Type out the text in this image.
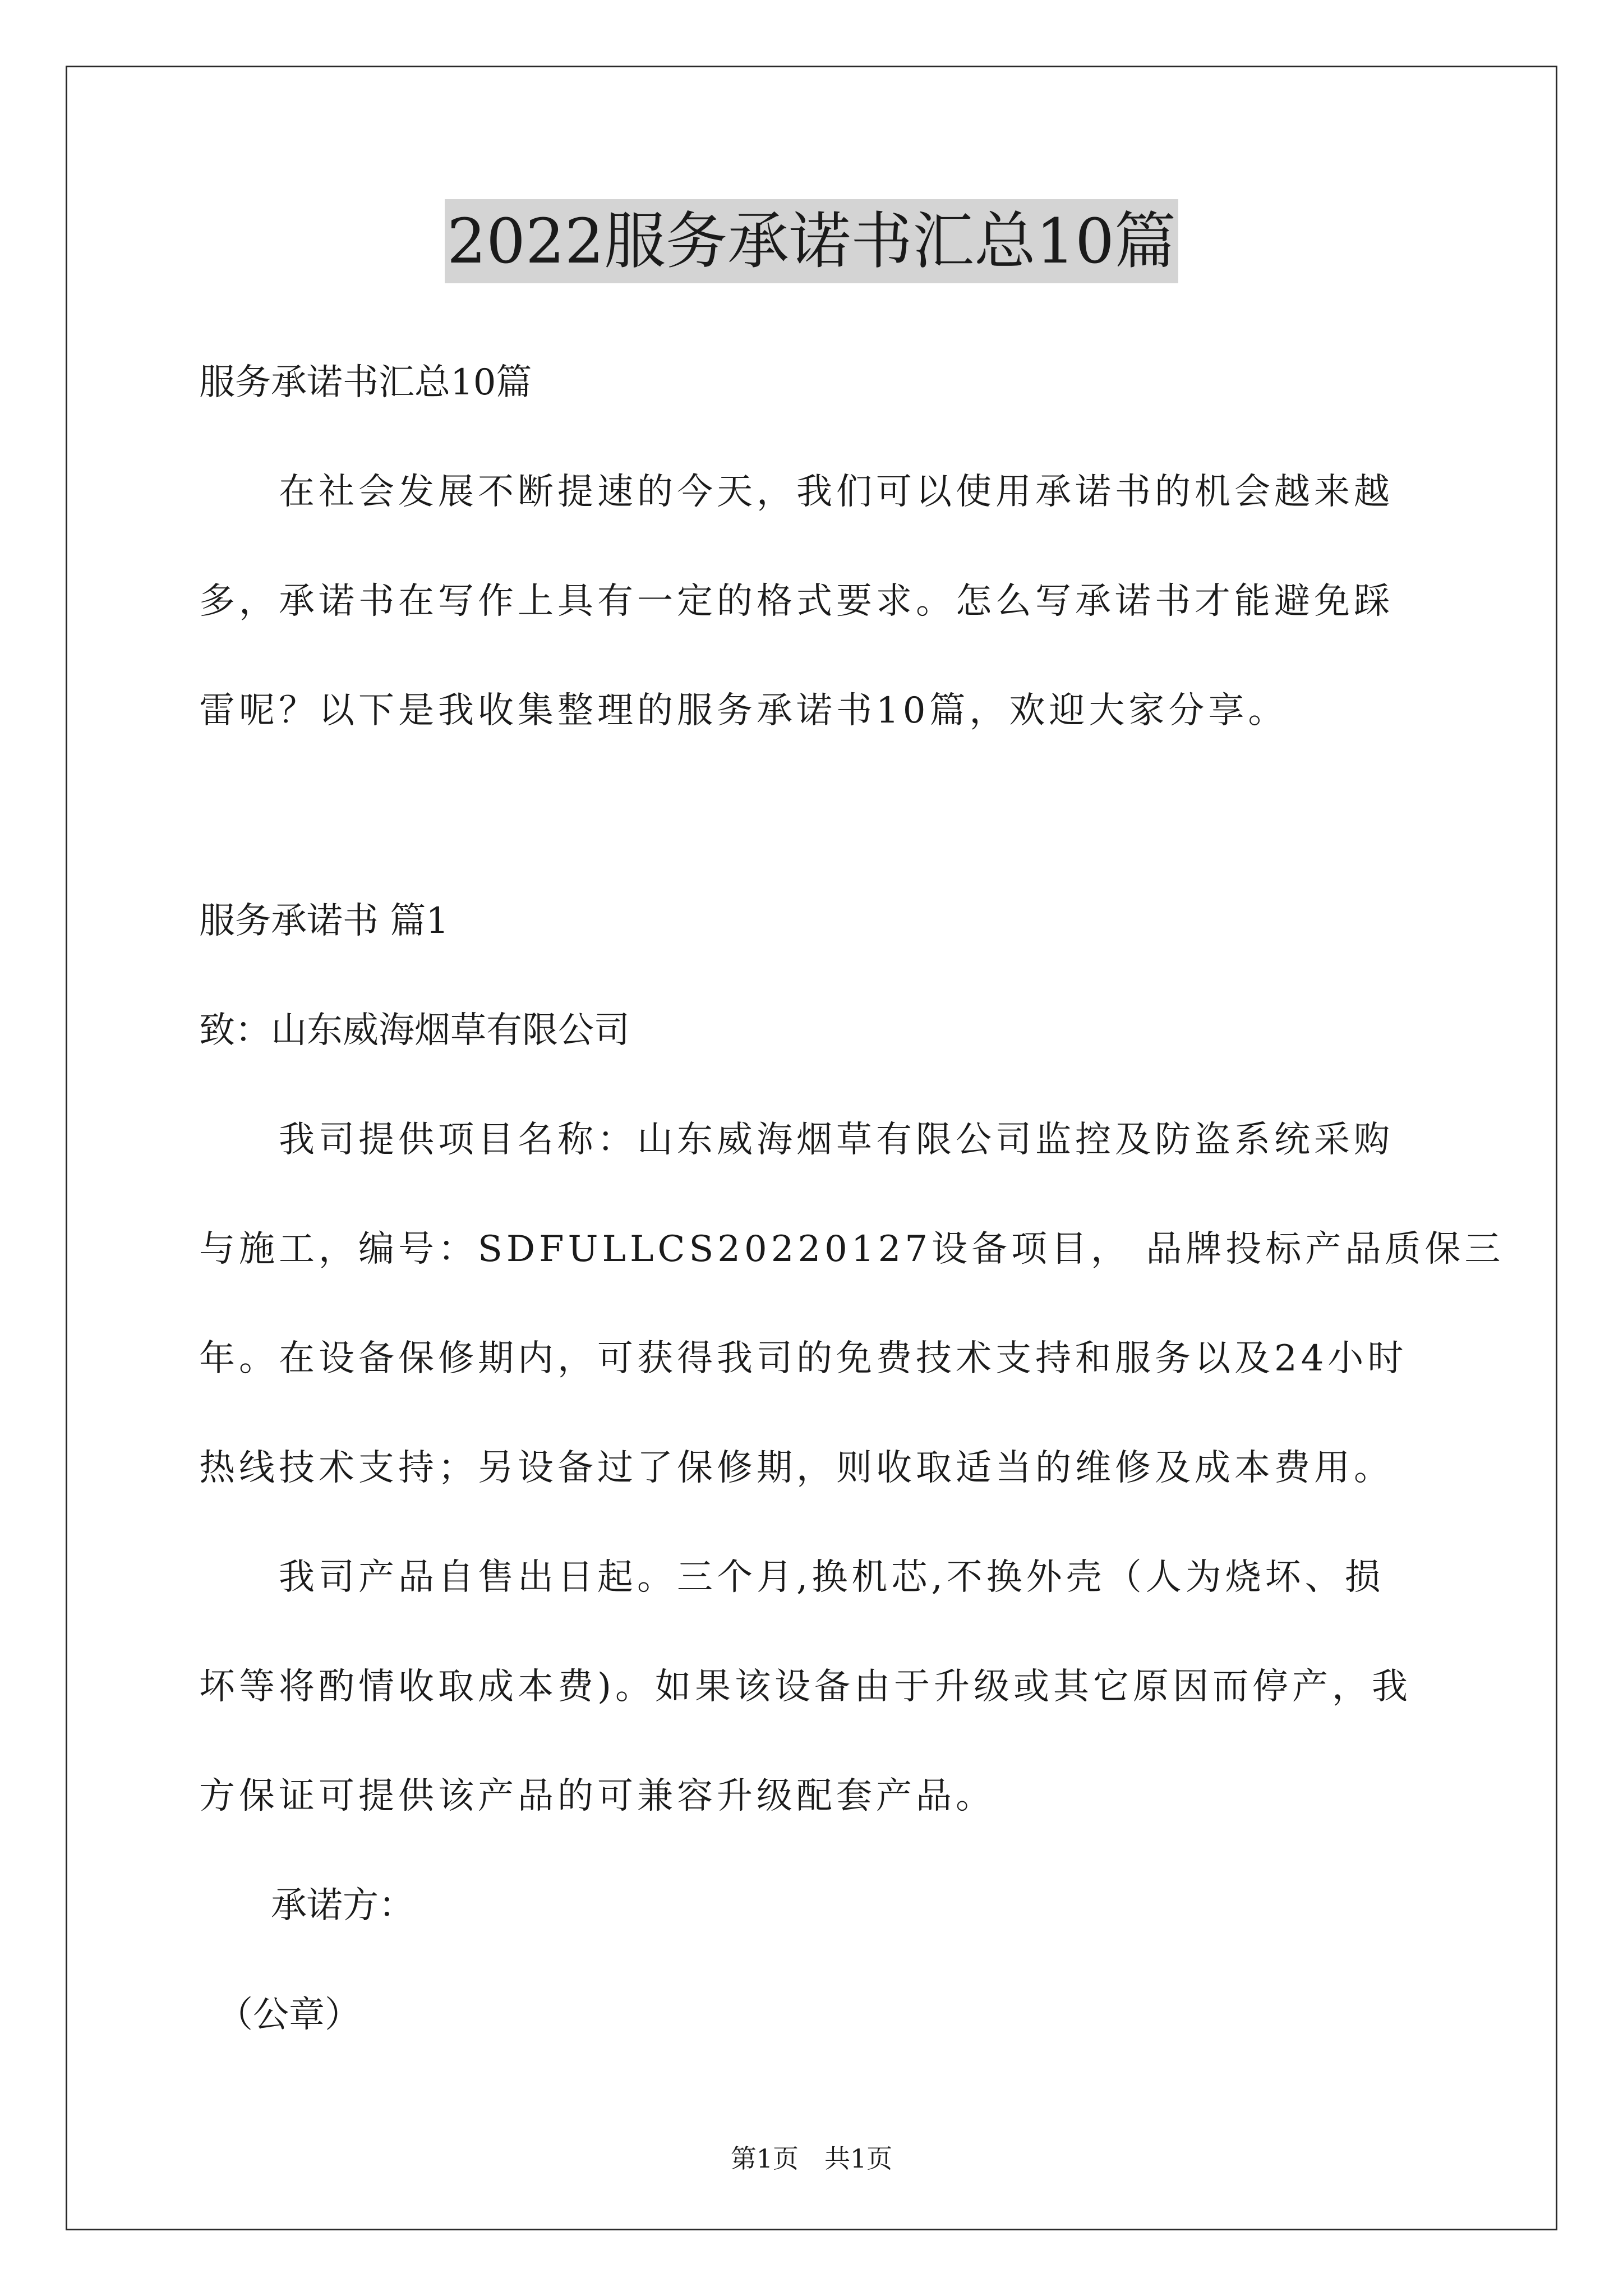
2022服务承诺书汇总10篇
服务承诺书汇总10篇
　　在社会发展不断提速的今天，我们可以使用承诺书的机会越来越
多，承诺书在写作上具有一定的格式要求。怎么写承诺书才能避免踩
雷呢？以下是我收集整理的服务承诺书10篇，欢迎大家分享。
服务承诺书 篇1
致：山东威海烟草有限公司
　　我司提供项目名称：山东威海烟草有限公司监控及防盗系统采购
与施工，编号：SDFULLCS20220127设备项目， 品牌投标产品质保三
年。在设备保修期内，可获得我司的免费技术支持和服务以及24小时
热线技术支持；另设备过了保修期，则收取适当的维修及成本费用。
　　我司产品自售出日起。三个月,换机芯,不换外壳（人为烧坏、损
坏等将酌情收取成本费)。如果该设备由于升级或其它原因而停产，我
方保证可提供该产品的可兼容升级配套产品。
　　承诺方：
　（公章）
第1页　共1页
